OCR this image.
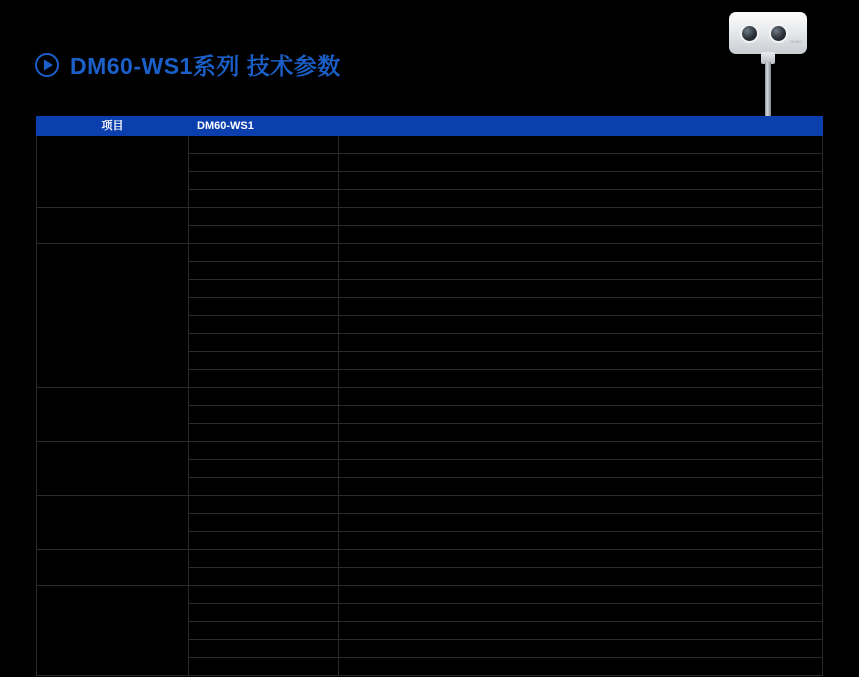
DM60-WS1系列 技术参数
DM60
项目	DM60-WS1	
